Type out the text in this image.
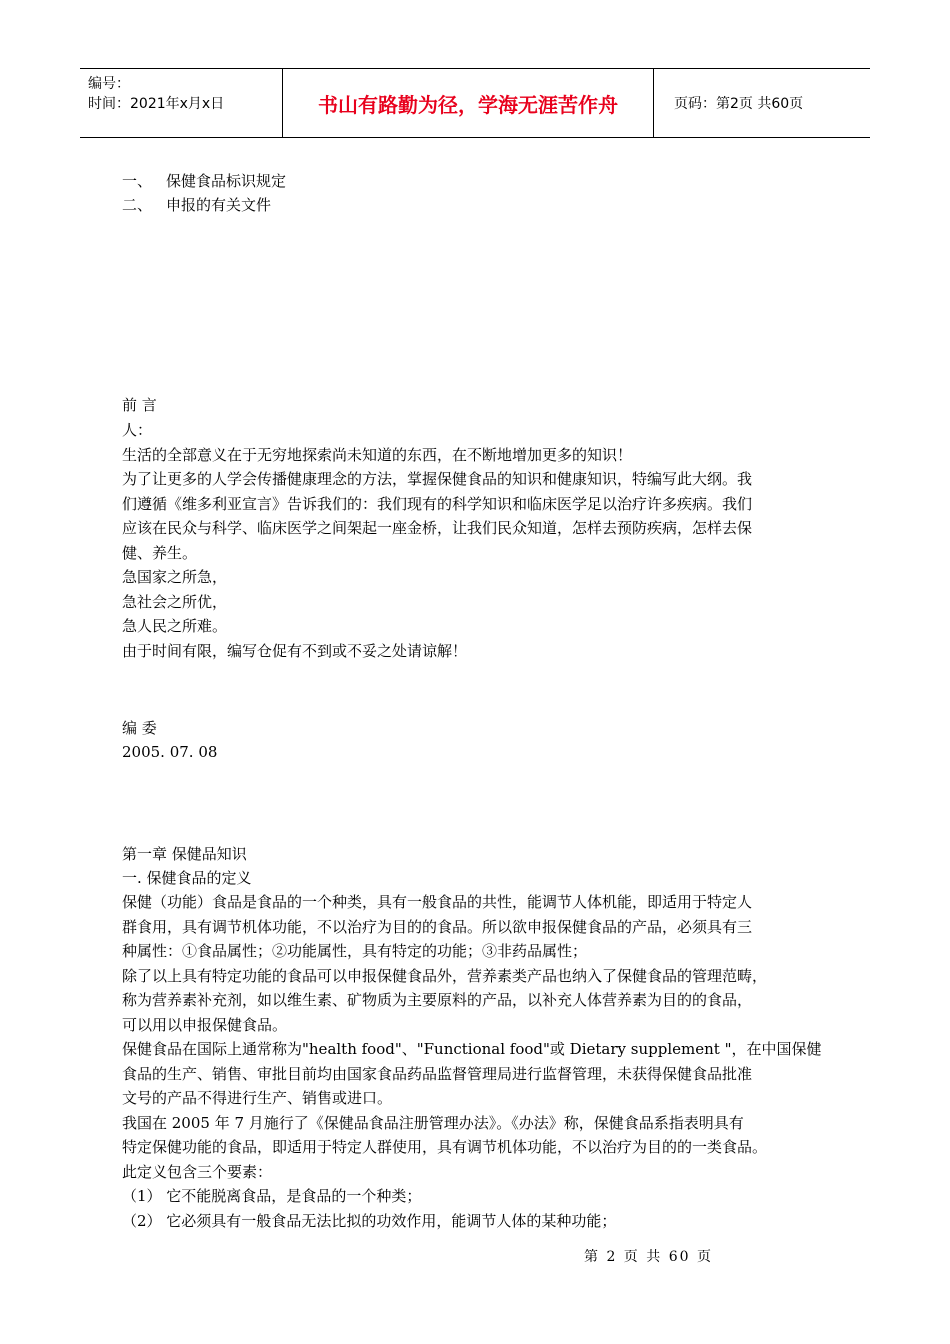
编号：
时间：2021年x月x日	书山有路勤为径，学海无涯苦作舟	页码：第2页 共60页
一、 保健食品标识规定
二、 申报的有关文件
前 言

人：

生活的全部意义在于无穷地探索尚未知道的东西，在不断地增加更多的知识！

为了让更多的人学会传播健康理念的方法，掌握保健食品的知识和健康知识，特编写此大纲。我

们遵循《维多利亚宣言》告诉我们的：我们现有的科学知识和临床医学足以治疗许多疾病。我们

应该在民众与科学、临床医学之间架起一座金桥，让我们民众知道，怎样去预防疾病，怎样去保

健、养生。

急国家之所急，

急社会之所优，

急人民之所难。

由于时间有限，编写仓促有不到或不妥之处请谅解！

编 委
2005. 07. 08
第一章 保健品知识
一. 保健食品的定义

保健（功能）食品是食品的一个种类，具有一般食品的共性，能调节人体机能，即适用于特定人

群食用，具有调节机体功能，不以治疗为目的的食品。所以欲申报保健食品的产品，必须具有三

种属性：①食品属性；②功能属性，具有特定的功能；③非药品属性；

除了以上具有特定功能的食品可以申报保健食品外，营养素类产品也纳入了保健食品的管理范畴，

称为营养素补充剂，如以维生素、矿物质为主要原料的产品，以补充人体营养素为目的的食品，

可以用以申报保健食品。

保健食品在国际上通常称为"health food"、"Functional food"或 Dietary supplement "，在中国保健

食品的生产、销售、审批目前均由国家食品药品监督管理局进行监督管理，未获得保健食品批准

文号的产品不得进行生产、销售或进口。

我国在 2005 年 7 月施行了《保健品食品注册管理办法》。《办法》称，保健食品系指表明具有

特定保健功能的食品，即适用于特定人群使用，具有调节机体功能，不以治疗为目的的一类食品。

此定义包含三个要素：

（1） 它不能脱离食品，是食品的一个种类；

（2） 它必须具有一般食品无法比拟的功效作用，能调节人体的某种功能；

第 2 页 共 60 页
